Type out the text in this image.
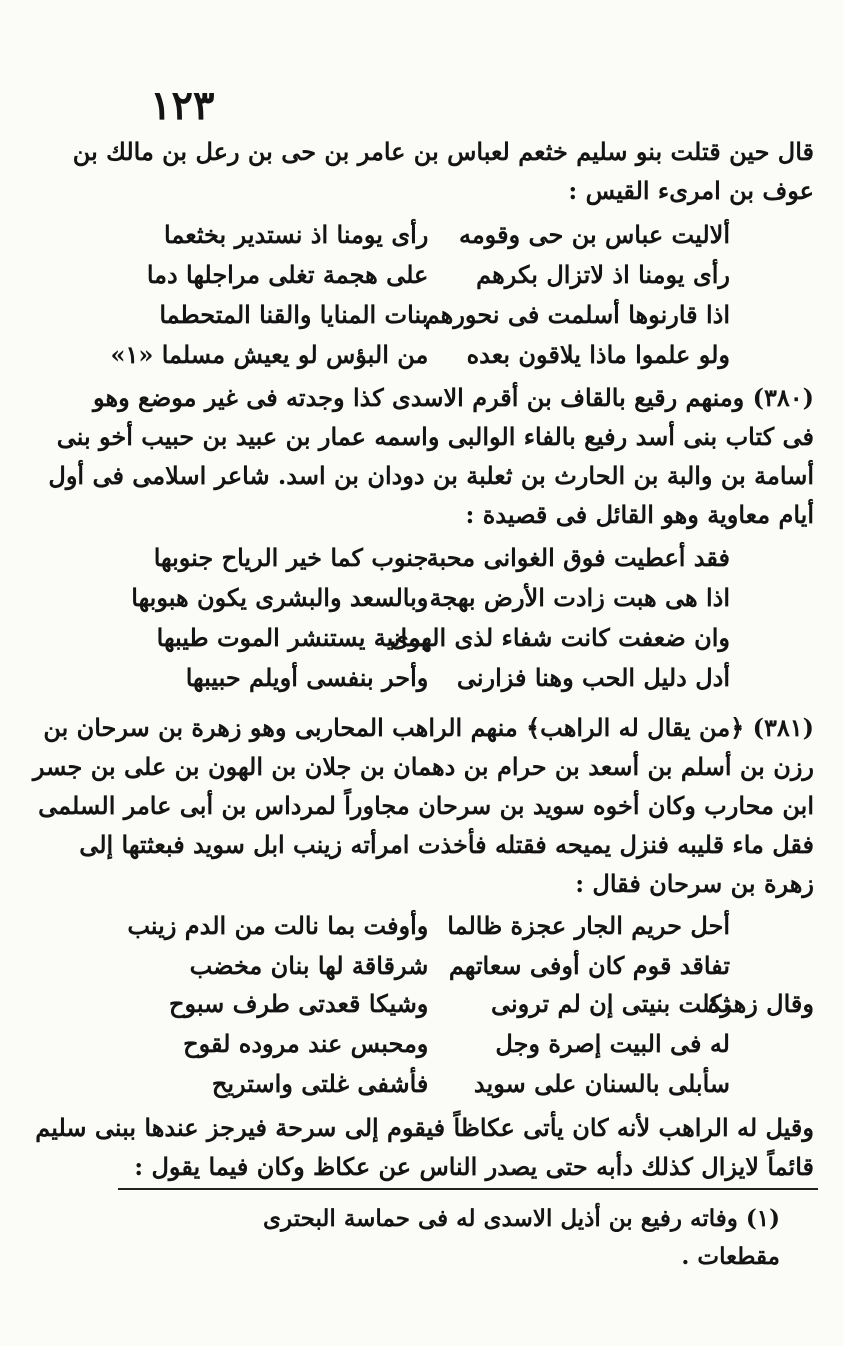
١٢٣
قال حين قتلت بنو سليم خثعم لعباس بن عامر بن حى بن رعل بن مالك بن
عوف بن امرىء القيس :
ألاليت عباس بن حى وقومه
رأى يومنا اذ نستدير بخثعما
رأى يومنا اذ لاتزال بكرهم
على هجمة تغلى مراجلها دما
اذا قارنوها أسلمت فى نحورهم
بنات المنايا والقنا المتحطما
ولو علموا ماذا يلاقون بعده
من البؤس لو يعيش مسلما «١»
(٣٨٠) ومنهم رقيع بالقاف بن أقرم الاسدى كذا وجدته فى غير موضع وهو
فى كتاب بنى أسد رفيع بالفاء الوالبى واسمه عمار بن عبيد بن حبيب أخو بنى
أسامة بن والبة بن الحارث بن ثعلبة بن دودان بن اسد. شاعر اسلامى فى أول
أيام معاوية وهو القائل فى قصيدة :
فقد أعطيت فوق الغوانى محبة
جنوب كما خير الرياح جنوبها
اذا هى هبت زادت الأرض بهجة
وبالسعد والبشرى يكون هبوبها
وان ضعفت كانت شفاء لذى الهوى
يمانية يستنشر الموت طيبها
أدل دليل الحب وهنا فزارنى
وأحر بنفسى أويلم حبيبها
(٣٨١) ﴿من يقال له الراهب﴾ منهم الراهب المحاربى وهو زهرة بن سرحان بن
رزن بن أسلم بن أسعد بن حرام بن دهمان بن جلان بن الهون بن على بن جسر
ابن محارب وكان أخوه سويد بن سرحان مجاوراً لمرداس بن أبى عامر السلمى
فقل ماء قليبه فنزل يميحه فقتله فأخذت امرأته زينب ابل سويد فبعثتها إلى
زهرة بن سرحان فقال :
أحل حريم الجار عجزة ظالما
وأوفت بما نالت من الدم زينب
تفاقد قوم كان أوفى سعاتهم
شرقاقة لها بنان مخضب
وقال زهرة
ثكلت بنيتى إن لم ترونى
وشيكا قعدتى طرف سبوح
له فى البيت إصرة وجل
ومحبس عند مروده لقوح
سأبلى بالسنان على سويد
فأشفى غلتى واستريح
وقيل له الراهب لأنه كان يأتى عكاظاً فيقوم إلى سرحة فيرجز عندها ببنى سليم
قائماً لايزال كذلك دأبه حتى يصدر الناس عن عكاظ وكان فيما يقول :
(١) وفاته رفيع بن أذيل الاسدى له فى حماسة البحترى مقطعات .
